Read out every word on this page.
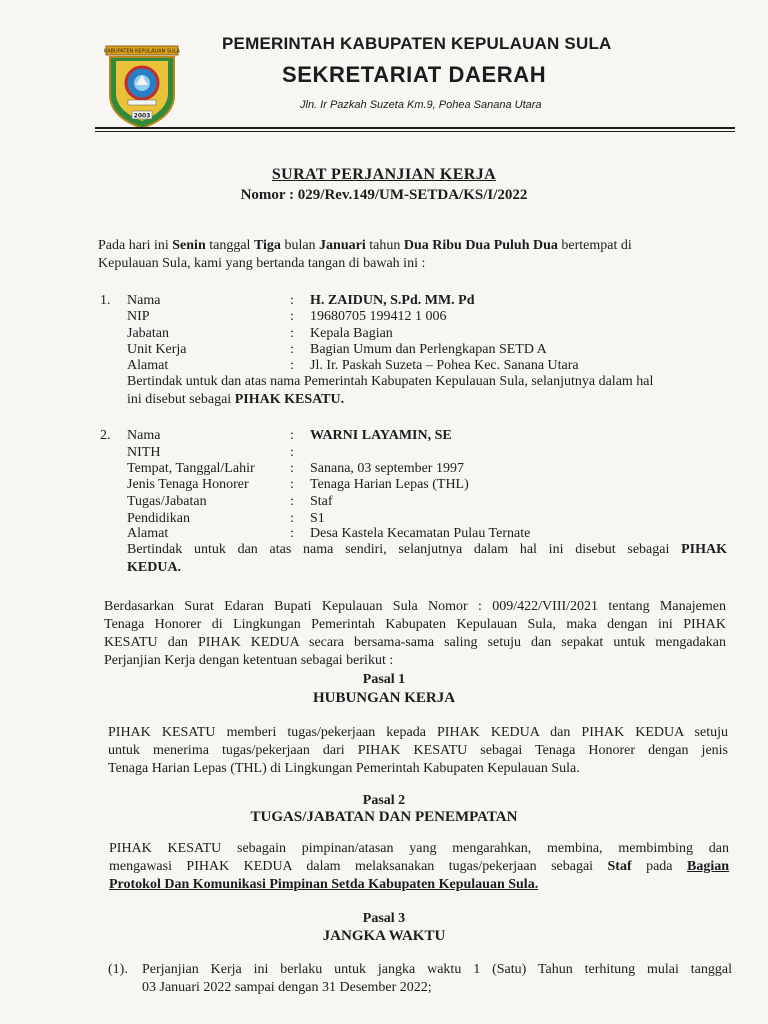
KABUPATEN KEPULAUAN SULA
2003
PEMERINTAH KABUPATEN KEPULAUAN SULA
SEKRETARIAT DAERAH
Jln. Ir Pazkah Suzeta Km.9, Pohea Sanana Utara
SURAT PERJANJIAN KERJA
Nomor : 029/Rev.149/UM-SETDA/KS/I/2022
Pada hari ini Senin tanggal Tiga bulan Januari tahun Dua Ribu Dua Puluh Dua bertempat di
Kepulauan Sula, kami yang bertanda tangan di bawah ini :
1. Nama	: H. ZAIDUN, S.Pd. MM. Pd
NIP	: 19680705 199412 1 006
Jabatan	: Kepala Bagian
Unit Kerja	: Bagian Umum dan Perlengkapan SETD A
Alamat	: Jl. Ir. Paskah Suzeta – Pohea Kec. Sanana Utara
Bertindak untuk dan atas nama Pemerintah Kabupaten Kepulauan Sula, selanjutnya dalam hal
ini disebut sebagai PIHAK KESATU.
2. Nama	: WARNI LAYAMIN, SE
NITH	:
Tempat, Tanggal/Lahir	: Sanana, 03 september 1997
Jenis Tenaga Honorer	: Tenaga Harian Lepas (THL)
Tugas/Jabatan	: Staf
Pendidikan	: S1
Alamat	: Desa Kastela Kecamatan Pulau Ternate
Bertindak untuk dan atas nama sendiri, selanjutnya dalam hal ini disebut sebagai PIHAK
KEDUA.
Berdasarkan Surat Edaran Bupati Kepulauan Sula Nomor : 009/422/VIII/2021 tentang Manajemen
Tenaga Honorer di Lingkungan Pemerintah Kabupaten Kepulauan Sula, maka dengan ini PIHAK
KESATU dan PIHAK KEDUA secara bersama-sama saling setuju dan sepakat untuk mengadakan
Perjanjian Kerja dengan ketentuan sebagai berikut :
Pasal 1
HUBUNGAN KERJA
PIHAK KESATU memberi tugas/pekerjaan kepada PIHAK KEDUA dan PIHAK KEDUA setuju
untuk menerima tugas/pekerjaan dari PIHAK KESATU sebagai Tenaga Honorer dengan jenis
Tenaga Harian Lepas (THL) di Lingkungan Pemerintah Kabupaten Kepulauan Sula.
Pasal 2
TUGAS/JABATAN DAN PENEMPATAN
PIHAK KESATU sebagain pimpinan/atasan yang mengarahkan, membina, membimbing dan
mengawasi PIHAK KEDUA dalam melaksanakan tugas/pekerjaan sebagai Staf pada Bagian
Protokol Dan Komunikasi Pimpinan Setda Kabupaten Kepulauan Sula.
Pasal 3
JANGKA WAKTU
(1). Perjanjian Kerja ini berlaku untuk jangka waktu 1 (Satu) Tahun terhitung mulai tanggal
03 Januari 2022 sampai dengan 31 Desember 2022;
